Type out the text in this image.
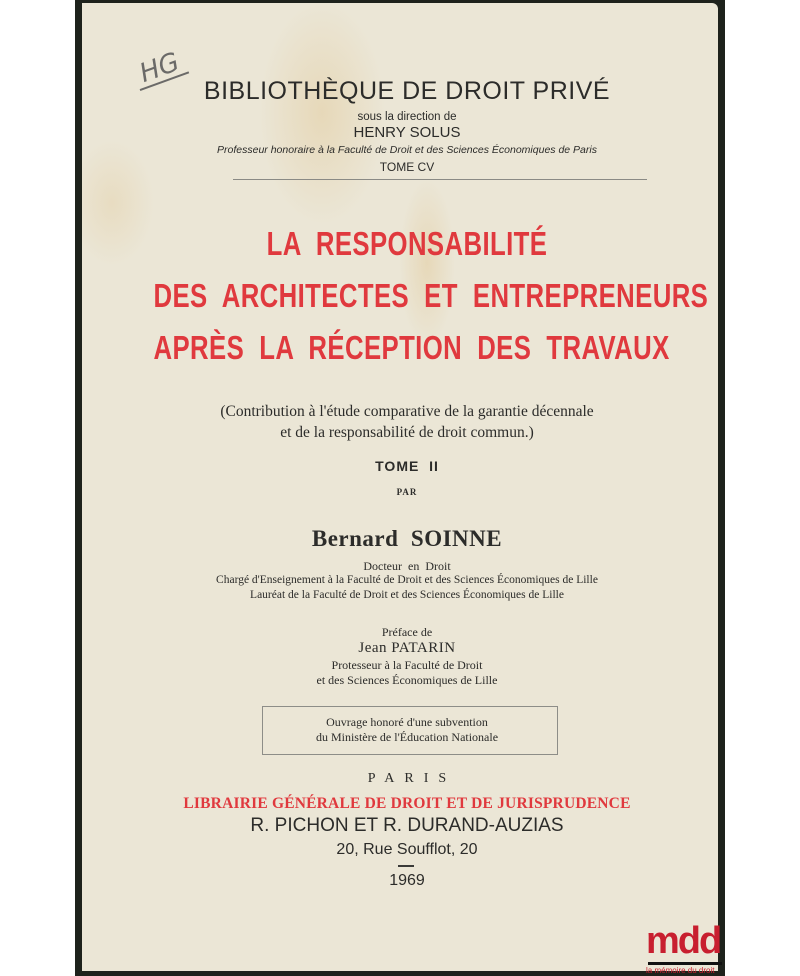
HG

BIBLIOTHÈQUE DE DROIT PRIVÉ

sous la direction de

HENRY SOLUS

Professeur honoraire à la Faculté de Droit et des Sciences Économiques de Paris

TOME CV

LA  RESPONSABILITÉ

DES  ARCHITECTES  ET  ENTREPRENEURS

APRÈS  LA  RÉCEPTION  DES  TRAVAUX

(Contribution à l'étude comparative de la garantie décennale

et de la responsabilité de droit commun.)

TOME  II

PAR

Bernard  SOINNE

Docteur  en  Droit

Chargé d'Enseignement à la Faculté de Droit et des Sciences Économiques de Lille

Lauréat de la Faculté de Droit et des Sciences Économiques de Lille

Préface de

Jean PATARIN

Protesseur à la Faculté de Droit

et des Sciences Économiques de Lille

Ouvrage honoré d'une subvention

du Ministère de l'Éducation Nationale

PARIS

LIBRAIRIE GÉNÉRALE DE DROIT ET DE JURISPRUDENCE

R. PICHON ET R. DURAND-AUZIAS

20, Rue Soufflot, 20

1969

mdd
la mémoire du droit
